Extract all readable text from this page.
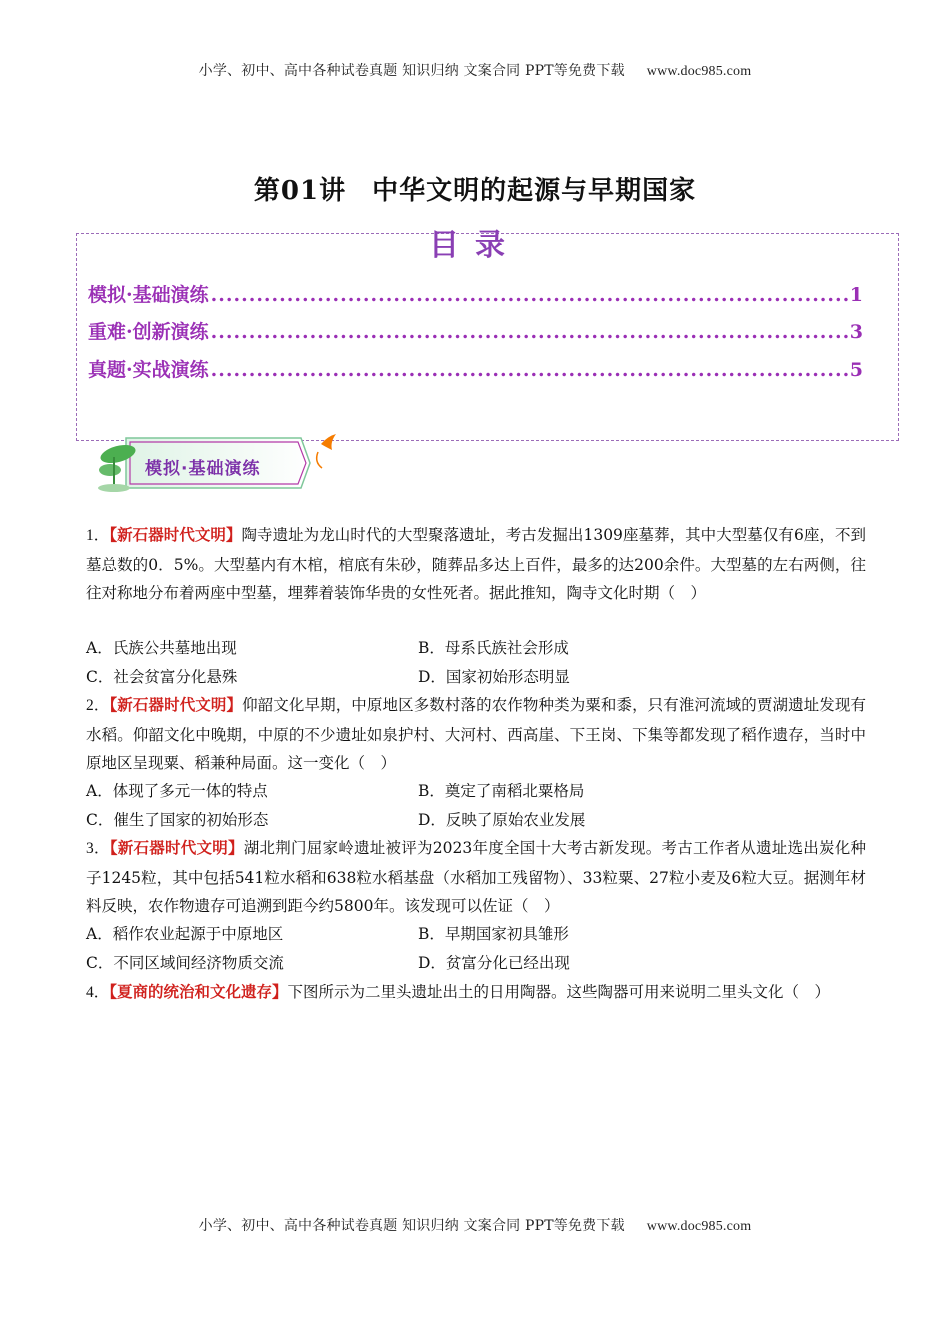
小学、初中、高中各种试卷真题 知识归纳 文案合同 PPT等免费下载 www.doc985.com
第01讲 中华文明的起源与早期国家
目录
模拟·基础演练 .....	1
重难·创新演练 .....	3
真题·实战演练 .....	5
模拟·基础演练
1．【新石器时代文明】陶寺遗址为龙山时代的大型聚落遗址，考古发掘出1309座墓葬，其中大型墓仅有6座，不到墓总数的0．5%。大型墓内有木棺，棺底有朱砂，随葬品多达上百件，最多的达200余件。大型墓的左右两侧，往往对称地分布着两座中型墓，埋葬着装饰华贵的女性死者。据此推知，陶寺文化时期（　）
A．氏族公共墓地出现	B．母系氏族社会形成
C．社会贫富分化悬殊	D．国家初始形态明显
2．【新石器时代文明】仰韶文化早期，中原地区多数村落的农作物种类为粟和黍，只有淮河流域的贾湖遗址发现有水稻。仰韶文化中晚期，中原的不少遗址如泉护村、大河村、西高崖、下王岗、下集等都发现了稻作遗存，当时中原地区呈现粟、稻兼种局面。这一变化（　）
A．体现了多元一体的特点	B．奠定了南稻北粟格局
C．催生了国家的初始形态	D．反映了原始农业发展
3．【新石器时代文明】湖北荆门屈家岭遗址被评为2023年度全国十大考古新发现。考古工作者从遗址选出炭化种子1245粒，其中包括541粒水稻和638粒水稻基盘（水稻加工残留物）、33粒粟、27粒小麦及6粒大豆。据测年材料反映，农作物遗存可追溯到距今约5800年。该发现可以佐证（　）
A．稻作农业起源于中原地区	B．早期国家初具雏形
C．不同区域间经济物质交流	D．贫富分化已经出现
4．【夏商的统治和文化遗存】下图所示为二里头遗址出土的日用陶器。这些陶器可用来说明二里头文化（　）
小学、初中、高中各种试卷真题 知识归纳 文案合同 PPT等免费下载 www.doc985.com
